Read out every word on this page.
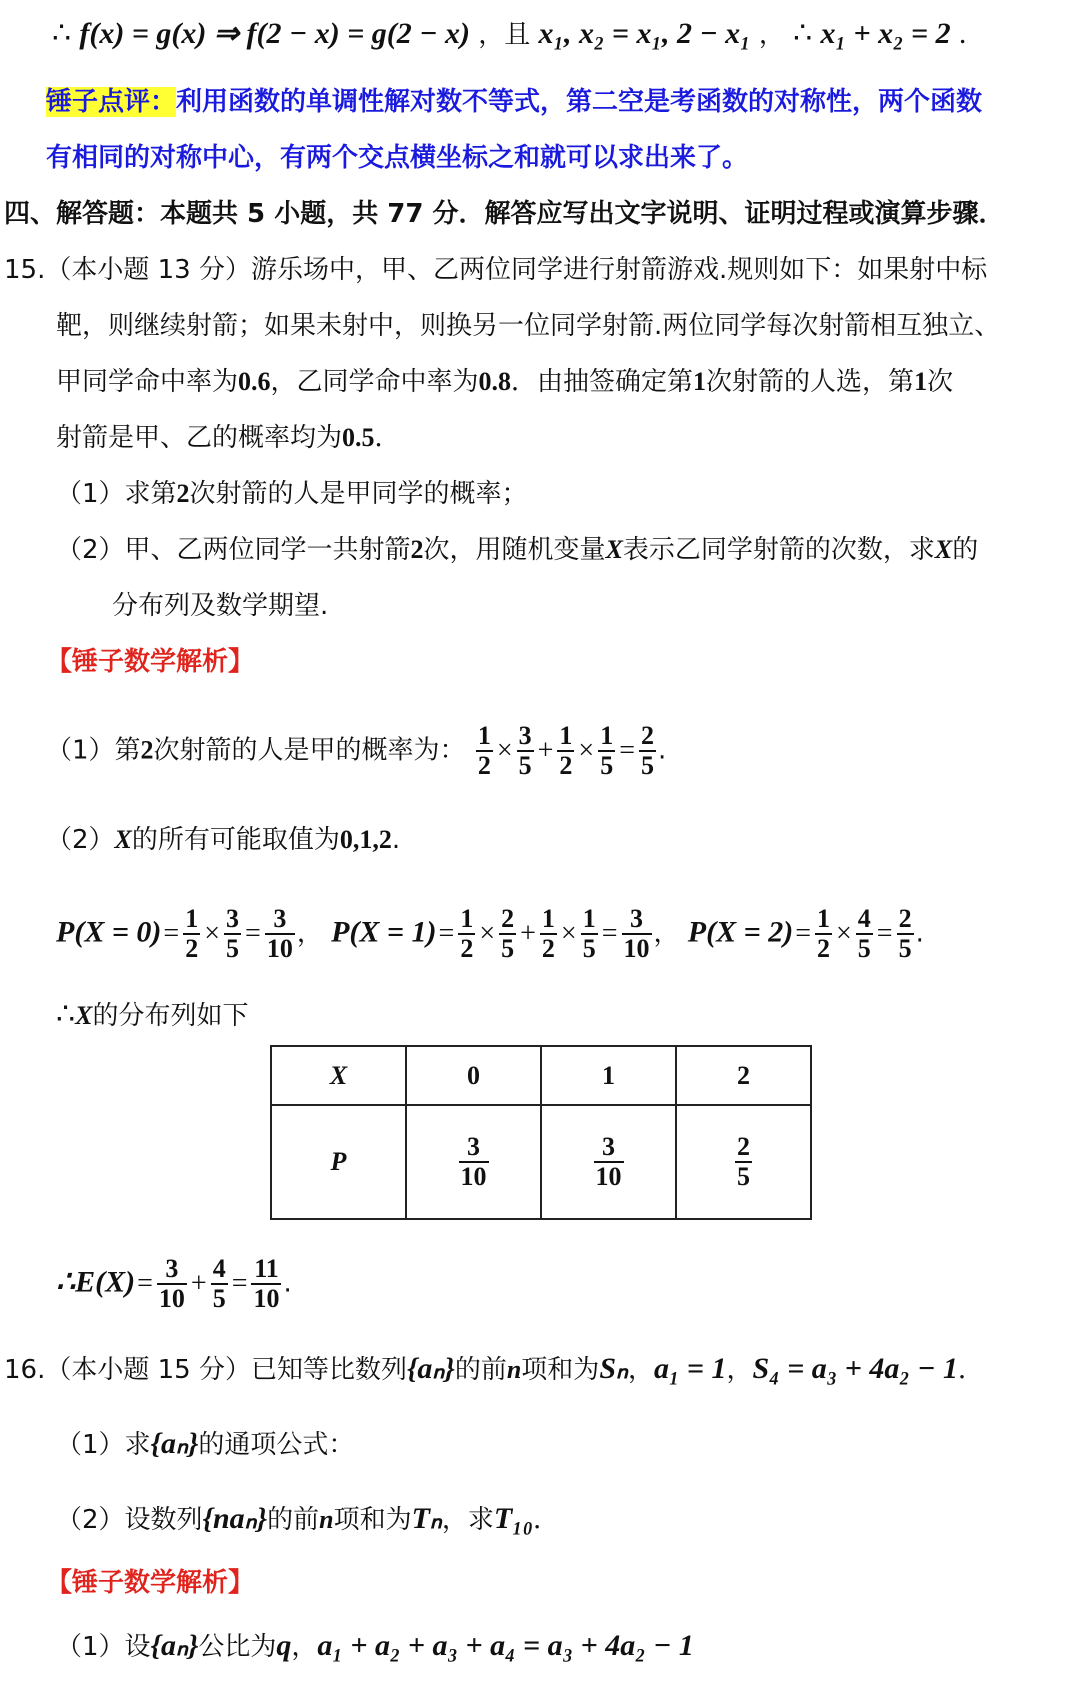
∴ f(x) = g(x) ⇒ f(2 − x) = g(2 − x) ，且 x₁, x₂ = x₁, 2 − x₁ ， ∴ x₁ + x₂ = 2 .
锤子点评：利用函数的单调性解对数不等式，第二空是考函数的对称性，两个函数
有相同的对称中心，有两个交点横坐标之和就可以求出来了。
四、解答题：本题共 5 小题，共 77 分．解答应写出文字说明、证明过程或演算步骤．
15.（本小题 13 分）游乐场中，甲、乙两位同学进行射箭游戏.规则如下：如果射中标
靶，则继续射箭；如果未射中，则换另一位同学射箭.两位同学每次射箭相互独立、
甲同学命中率为0.6，乙同学命中率为0.8．由抽签确定第1次射箭的人选，第1次
射箭是甲、乙的概率均为0.5．
（1）求第2次射箭的人是甲同学的概率；
（2）甲、乙两位同学一共射箭2次，用随机变量X表示乙同学射箭的次数，求X的
分布列及数学期望.
【锤子数学解析】
（1）第2次射箭的人是甲的概率为： $\frac{1}{2} \times \frac{3}{5} + \frac{1}{2} \times \frac{1}{5} = \frac{2}{5}$ .
（2）X的所有可能取值为0,1,2.
$P(X = 0)= \frac{1}{2} \times \frac{3}{5} = \frac{3}{10}$ ， $P(X = 1)= \frac{1}{2} \times \frac{2}{5} + \frac{1}{2} \times \frac{1}{5} = \frac{3}{10}$ ， $P(X = 2)= \frac{1}{2} \times \frac{4}{5} = \frac{2}{5}$ .
∴X的分布列如下
X	0	1	2
P	$\frac{3}{10}$	$\frac{3}{10}$	$\frac{2}{5}$
∴E(X)= $\frac{3}{10} + \frac{4}{5} = \frac{11}{10}$ .
16.（本小题 15 分）已知等比数列{aₙ}的前n项和为Sₙ，a₁ = 1，S₄ = a₃ + 4a₂ − 1．
（1）求{aₙ}的通项公式：
（2）设数列{naₙ}的前n项和为Tₙ，求T₁₀．
【锤子数学解析】
（1）设{aₙ}公比为q，a₁ + a₂ + a₃ + a₄ = a₃ + 4a₂ − 1
